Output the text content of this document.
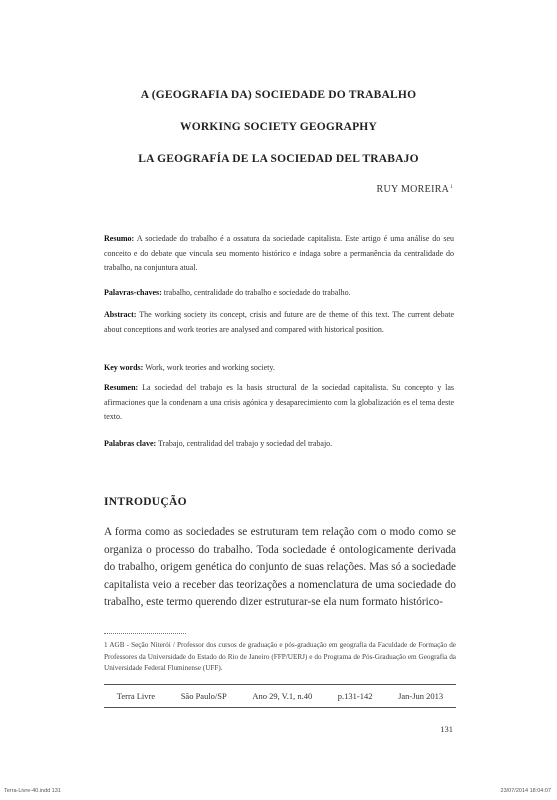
A (GEOGRAFIA DA) SOCIEDADE DO TRABALHO
WORKING SOCIETY GEOGRAPHY
LA GEOGRAFÍA DE LA SOCIEDAD DEL TRABAJO
RUY MOREIRA$^1$
Resumo: A sociedade do trabalho é a ossatura da sociedade capitalista. Este artigo é uma análise do seu conceito e do debate que vincula seu momento histórico e indaga sobre a permanência da centralidade do trabalho, na conjuntura atual.
Palavras-chaves: trabalho, centralidade do trabalho e sociedade do trabalho.
Abstract: The working society its concept, crisis and future are de theme of this text. The current debate about conceptions and work teories are analysed and compared with historical position.
Key words: Work, work teories and working society.
Resumen: La sociedad del trabajo es la basis structural de la sociedad capitalista. Su concepto y las afirmaciones que la condenam a una crisis agónica y desaparecimiento com la globalización es el tema deste texto.
Palabras clave: Trabajo, centralidad del trabajo y sociedad del trabajo.
INTRODUÇÃO
A forma como as sociedades se estruturam tem relação com o modo como se organiza o processo do trabalho. Toda sociedade é ontologicamente derivada do trabalho, origem genética do conjunto de suas relações. Mas só a sociedade capitalista veio a receber das teorizações a nomenclatura de uma sociedade do trabalho, este termo querendo dizer estruturar-se ela num formato histórico-
1 AGB - Seção Niterói / Professor dos cursos de graduação e pós-graduação em geografia da Faculdade de Formação de Professores da Universidade do Estado do Rio de Janeiro (FFP/UERJ) e do Programa de Pós-Graduação em Geografia da Universidade Federal Fluminense (UFF).
Terra Livre	São Paulo/SP	Ano 29, V.1, n.40	p.131-142	Jan-Jun 2013
131
Terra-Livre-40.indd 131	23/07/2014 18:04:07
